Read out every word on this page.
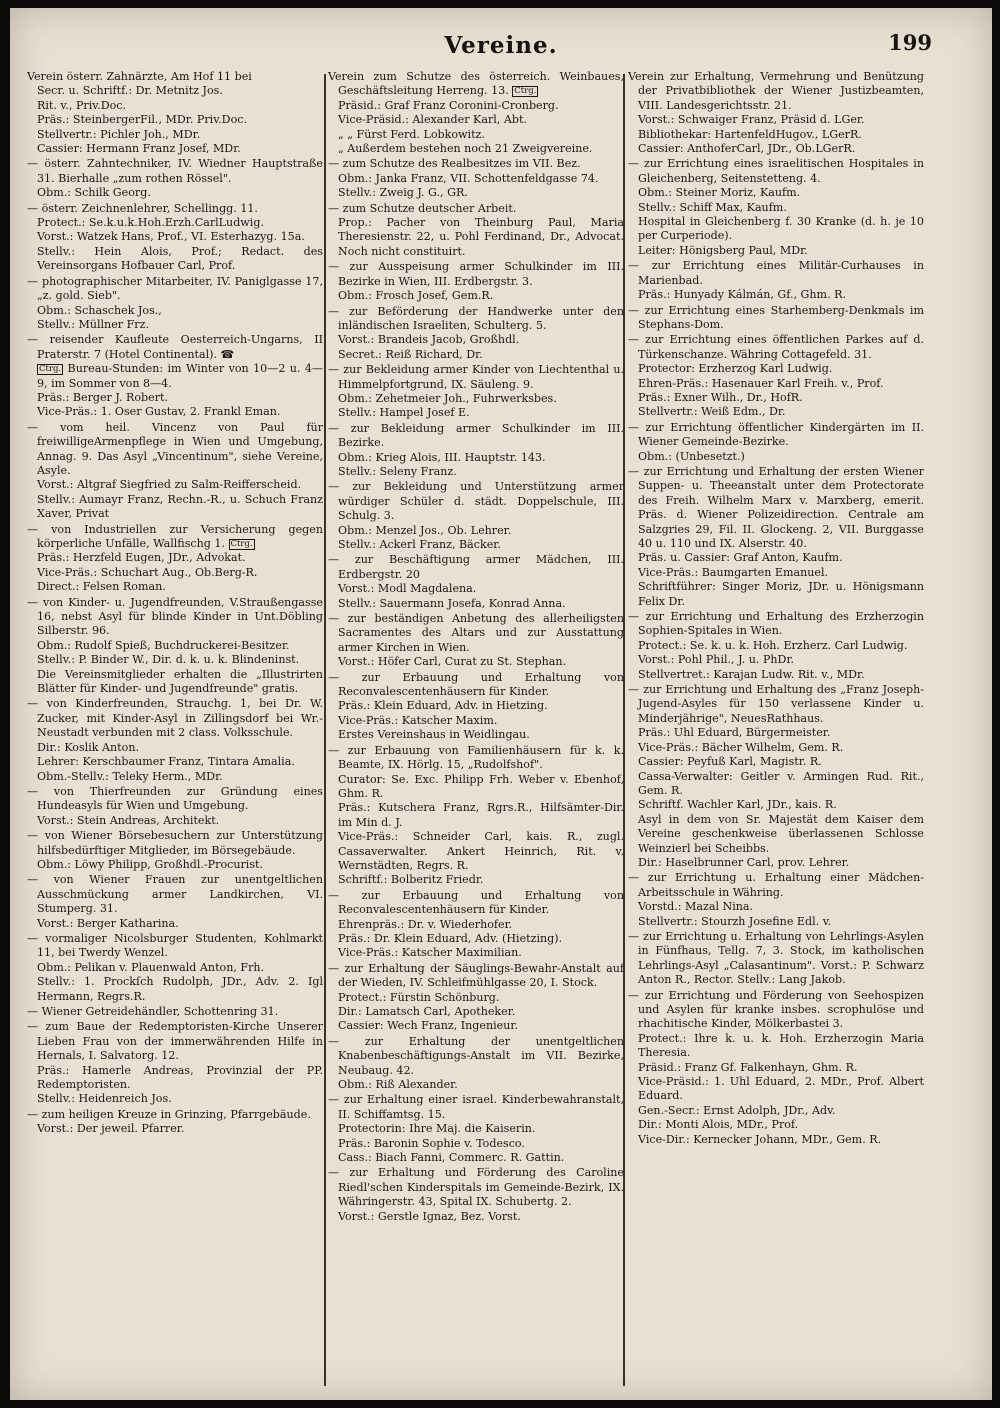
Vereine.	199

Verein österr. Zahnärzte, Am Hof 11 bei
Secr. u. Schriftf.: Dr. Metnitz Jos.
Rit. v., Priv.Doc.
Präs.: SteinbergerFil., MDr. Priv.Doc.
Stellvertr.: Pichler Joh., MDr.
Cassier: Hermann Franz Josef, MDr.

— österr. Zahntechniker, IV. Wiedner Hauptstraße 31. Bierhalle „zum rothen Rössel".
Obm.: Schilk Georg.

— österr. Zeichnenlehrer, Schellingg. 11.
Protect.: Se.k.u.k.Hoh.Erzh.CarlLudwig.
Vorst.: Watzek Hans, Prof., VI. Esterhazyg. 15a.
Stellv.: Hein Alois, Prof.; Redact. des Vereinsorgans Hofbauer Carl, Prof.

— photographischer Mitarbeiter, IV. Paniglgasse 17, „z. gold. Sieb".
Obm.: Schaschek Jos.,
Stellv.: Müllner Frz.

— reisender Kaufleute Oesterreich-Ungarns, II Praterstr. 7 (Hotel Continental). ☎
Ctrg. Bureau-Stunden: im Winter von 10—2 u. 4—9, im Sommer von 8—4.
Präs.: Berger J. Robert.
Vice-Präs.: 1. Oser Gustav, 2. Frankl Eman.

— vom heil. Vincenz von Paul für freiwilligeArmenpflege in Wien und Umgebung, Annag. 9. Das Asyl „Vincentinum", siehe Vereine, Asyle.
Vorst.: Altgraf Siegfried zu Salm-Reifferscheid.
Stellv.: Aumayr Franz, Rechn.-R., u. Schuch Franz Xaver, Privat

— von Industriellen zur Versicherung gegen körperliche Unfälle, Wallfischg 1. Ctrg.
Präs.: Herzfeld Eugen, JDr., Advokat.
Vice-Präs.: Schuchart Aug., Ob.Berg-R.
Direct.: Felsen Roman.

— von Kinder- u. Jugendfreunden, V.Straußengasse 16, nebst Asyl für blinde Kinder in Unt.Döbling Silberstr. 96.
Obm.: Rudolf Spieß, Buchdruckerei-Besitzer.
Stellv.: P. Binder W., Dir. d. k. u. k. Blindeninst.
Die Vereinsmitglieder erhalten die „Illustrirten Blätter für Kinder- und Jugendfreunde" gratis.

— von Kinderfreunden, Strauchg. 1, bei Dr. W. Zucker, mit Kinder-Asyl in Zillingsdorf bei Wr.-Neustadt verbunden mit 2 class. Volksschule.
Dir.: Koslik Anton.
Lehrer: Kerschbaumer Franz, Tintara Amalia.
Obm.-Stellv.: Teleky Herm., MDr.

— von Thierfreunden zur Gründung eines Hundeasyls für Wien und Umgebung.
Vorst.: Stein Andreas, Architekt.

— von Wiener Börsebesuchern zur Unterstützung hilfsbedürftiger Mitglieder, im Börsegebäude.
Obm.: Löwy Philipp, Großhdl.-Procurist.

— von Wiener Frauen zur unentgeltlichen Ausschmückung armer Landkirchen, VI. Stumperg. 31.
Vorst.: Berger Katharina.

— vormaliger Nicolsburger Studenten, Kohlmarkt 11, bei Twerdy Wenzel.
Obm.: Pelikan v. Plauenwald Anton, Frh.
Stellv.: 1. Prockſch Rudolph, JDr., Adv. 2. Igl Hermann, Regrs.R.

— Wiener Getreidehändler, Schottenring 31.

— zum Baue der Redemptoristen-Kirche Unserer Lieben Frau von der immerwährenden Hilfe in Hernals, I. Salvatorg. 12.
Präs.: Hamerle Andreas, Provinzial der PP. Redemptoristen.
Stellv.: Heidenreich Jos.

— zum heiligen Kreuze in Grinzing, Pfarrgebäude.
Vorst.: Der jeweil. Pfarrer.

Verein zum Schutze des österreich. Weinbaues, Geschäftsleitung Herreng. 13. Ctrg.
Präsid.: Graf Franz Coronini-Cronberg.
Vice-Präsid.: Alexander Karl, Abt.
„ „ Fürst Ferd. Lobkowitz.
„ Außerdem bestehen noch 21 Zweigvereine.

— zum Schutze des Realbesitzes im VII. Bez.
Obm.: Janka Franz, VII. Schottenfeldgasse 74.
Stellv.: Zweig J. G., GR.

— zum Schutze deutscher Arbeit.
Prop.: Pacher von Theinburg Paul, Maria Theresienstr. 22, u. Pohl Ferdinand, Dr., Advocat. Noch nicht constituirt.

— zur Ausspeisung armer Schulkinder im III. Bezirke in Wien, III. Erdbergstr. 3.
Obm.: Frosch Josef, Gem.R.

— zur Beförderung der Handwerke unter den inländischen Israeliten, Schulterg. 5.
Vorst.: Brandeis Jacob, Großhdl.
Secret.: Reiß Richard, Dr.

— zur Bekleidung armer Kinder von Liechtenthal u. Himmelpfortgrund, IX. Säuleng. 9.
Obm.: Zehetmeier Joh., Fuhrwerksbes.
Stellv.: Hampel Josef E.

— zur Bekleidung armer Schulkinder im III. Bezirke.
Obm.: Krieg Alois, III. Hauptstr. 143.
Stellv.: Seleny Franz.

— zur Bekleidung und Unterstützung armer würdiger Schüler d. städt. Doppelschule, III. Schulg. 3.
Obm.: Menzel Jos., Ob. Lehrer.
Stellv.: Ackerl Franz, Bäcker.

— zur Beschäftigung armer Mädchen, III. Erdbergstr. 20
Vorst.: Modl Magdalena.
Stellv.: Sauermann Josefa, Konrad Anna.

— zur beständigen Anbetung des allerheiligsten Sacramentes des Altars und zur Ausstattung armer Kirchen in Wien.
Vorst.: Höfer Carl, Curat zu St. Stephan.

— zur Erbauung und Erhaltung von Reconvalescentenhäusern für Kinder.
Präs.: Klein Eduard, Adv. in Hietzing.
Vice-Präs.: Katscher Maxim.
Erstes Vereinshaus in Weidlingau.

— zur Erbauung von Familienhäusern für k. k. Beamte, IX. Hörlg. 15, „Rudolfshof".
Curator: Se. Exc. Philipp Frh. Weber v. Ebenhof, Ghm. R.
Präs.: Kutschera Franz, Rgrs.R., Hilfsämter-Dir. im Min d. J.
Vice-Präs.: Schneider Carl, kais. R., zugl. Cassaverwalter. Ankert Heinrich, Rit. v. Wernstädten, Regrs. R.
Schriftf.: Bolberitz Friedr.

— zur Erbauung und Erhaltung von Reconvalescentenhäusern für Kinder.
Ehrenpräs.: Dr. v. Wiederhofer.
Präs.: Dr. Klein Eduard, Adv. (Hietzing).
Vice-Präs.: Katscher Maximilian.

— zur Erhaltung der Säuglings-Bewahr-Anstalt auf der Wieden, IV. Schleifmühlgasse 20, I. Stock.
Protect.: Fürstin Schönburg.
Dir.: Lamatsch Carl, Apotheker.
Cassier: Wech Franz, Ingenieur.

— zur Erhaltung der unentgeltlichen Knabenbeschäftigungs-Anstalt im VII. Bezirke, Neubaug. 42.
Obm.: Riß Alexander.

— zur Erhaltung einer israel. Kinderbewahranstalt, II. Schiffamtsg. 15.
Protectorin: Ihre Maj. die Kaiserin.
Präs.: Baronin Sophie v. Todesco.
Cass.: Biach Fanni, Commerc. R. Gattin.

— zur Erhaltung und Förderung des Caroline Riedl'schen Kinderspitals im Gemeinde-Bezirk, IX. Währingerstr. 43, Spital IX. Schubertg. 2.
Vorst.: Gerstle Ignaz, Bez. Vorst.

Verein zur Erhaltung, Vermehrung und Benützung der Privatbibliothek der Wiener Justizbeamten, VIII. Landesgerichtsstr. 21.
Vorst.: Schwaiger Franz, Präsid d. LGer.
Bibliothekar: HartenfeldHugov., LGerR.
Cassier: AnthoferCarl, JDr., Ob.LGerR.

— zur Errichtung eines israelitischen Hospitales in Gleichenberg, Seitenstetteng. 4.
Obm.: Steiner Moriz, Kaufm.
Stellv.: Schiff Max, Kaufm.
Hospital in Gleichenberg f. 30 Kranke (d. h. je 10 per Curperiode).
Leiter: Hönigsberg Paul, MDr.

— zur Errichtung eines Militär-Curhauses in Marienbad.
Präs.: Hunyady Kálmán, Gf., Ghm. R.

— zur Errichtung eines Starhemberg-Denkmals im Stephans-Dom.

— zur Errichtung eines öffentlichen Parkes auf d. Türkenschanze. Währing Cottagefeld. 31.
Protector: Erzherzog Karl Ludwig.
Ehren-Präs.: Hasenauer Karl Freih. v., Prof.
Präs.: Exner Wilh., Dr., HofR.
Stellvertr.: Weiß Edm., Dr.

— zur Errichtung öffentlicher Kindergärten im II. Wiener Gemeinde-Bezirke.
Obm.: (Unbesetzt.)

— zur Errichtung und Erhaltung der ersten Wiener Suppen- u. Theeanstalt unter dem Protectorate des Freih. Wilhelm Marx v. Marxberg, emerit. Präs. d. Wiener Polizeidirection. Centrale am Salzgries 29, Fil. II. Glockeng. 2, VII. Burggasse 40 u. 110 und IX. Alserstr. 40.
Präs. u. Cassier: Graf Anton, Kaufm.
Vice-Präs.: Baumgarten Emanuel.
Schriftführer: Singer Moriz, JDr. u. Hönigsmann Felix Dr.

— zur Errichtung und Erhaltung des Erzherzogin Sophien-Spitales in Wien.
Protect.: Se. k. u. k. Hoh. Erzherz. Carl Ludwig.
Vorst.: Pohl Phil., J. u. PhDr.
Stellvertret.: Karajan Ludw. Rit. v., MDr.

— zur Errichtung und Erhaltung des „Franz Joseph-Jugend-Asyles für 150 verlassene Kinder u. Minderjährige", NeuesRathhaus.
Präs.: Uhl Eduard, Bürgermeister.
Vice-Präs.: Bächer Wilhelm, Gem. R.
Cassier: Peyfuß Karl, Magistr. R.
Cassa-Verwalter: Geitler v. Armingen Rud. Rit., Gem. R.
Schriftf. Wachler Karl, JDr., kais. R.
Asyl in dem von Sr. Majestät dem Kaiser dem Vereine geschenkweise überlassenen Schlosse Weinzierl bei Scheibbs.
Dir.: Haselbrunner Carl, prov. Lehrer.

— zur Errichtung u. Erhaltung einer Mädchen-Arbeitsschule in Währing.
Vorstd.: Mazal Nina.
Stellvertr.: Stourzh Josefine Edl. v.

— zur Errichtung u. Erhaltung von Lehrlings-Asylen in Fünfhaus, Tellg. 7, 3. Stock, im katholischen Lehrlings-Asyl „Calasantinum". Vorst.: P. Schwarz Anton R., Rector. Stellv.: Lang Jakob.

— zur Errichtung und Förderung von Seehospizen und Asylen für kranke insbes. scrophulöse und rhachitische Kinder, Mölkerbastei 3.
Protect.: Ihre k. u. k. Hoh. Erzherzogin Maria Theresia.
Präsid.: Franz Gf. Falkenhayn, Ghm. R.
Vice-Präsid.: 1. Uhl Eduard, 2. MDr., Prof. Albert Eduard.
Gen.-Secr.: Ernst Adolph, JDr., Adv.
Dir.: Monti Alois, MDr., Prof.
Vice-Dir.: Kernecker Johann, MDr., Gem. R.
